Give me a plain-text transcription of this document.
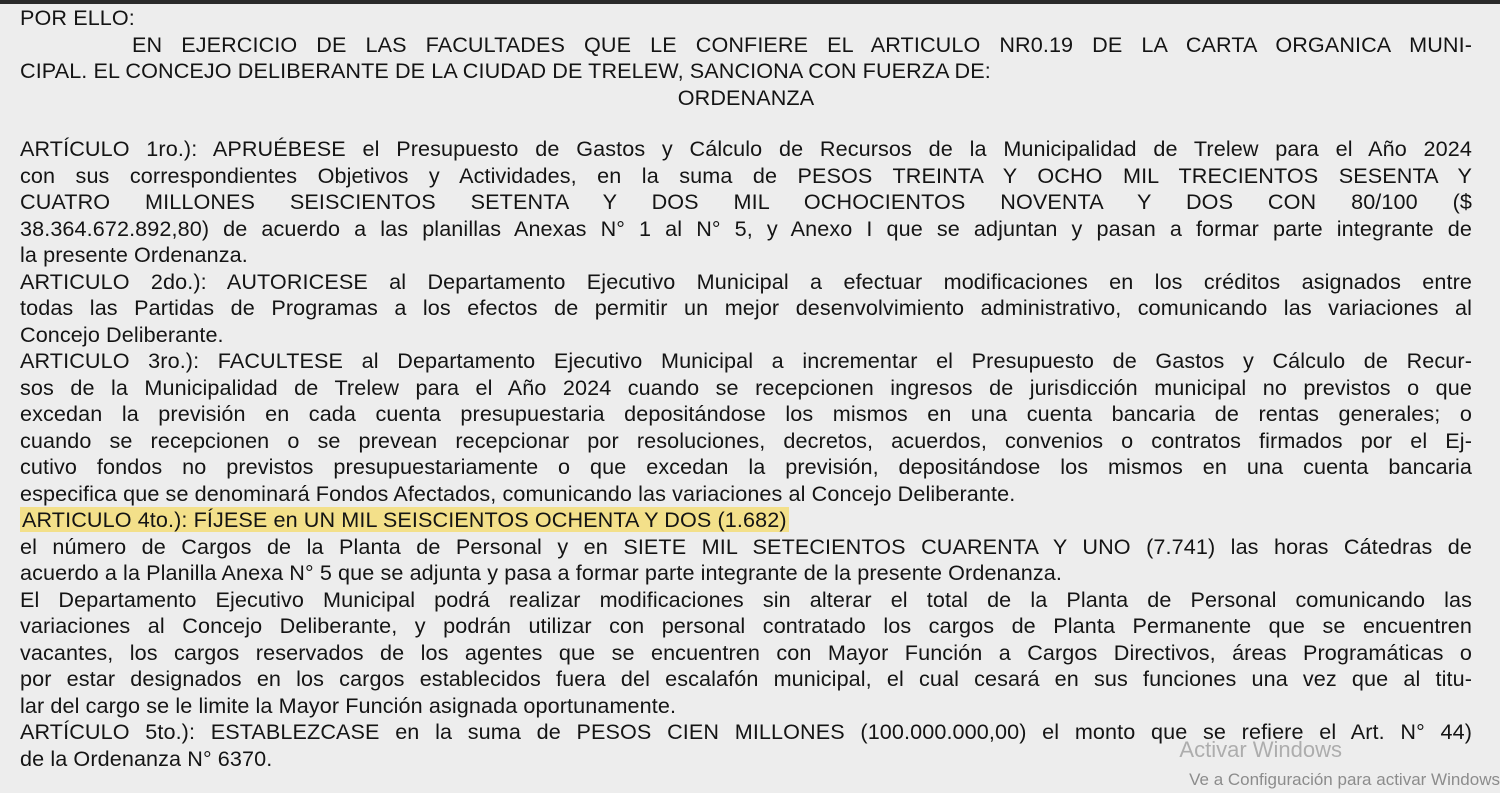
POR ELLO:
EN EJERCICIO DE LAS FACULTADES QUE LE CONFIERE EL ARTICULO NR0.19 DE LA CARTA ORGANICA MUNI-
CIPAL. EL CONCEJO DELIBERANTE DE LA CIUDAD DE TRELEW, SANCIONA CON FUERZA DE:
ORDENANZA
ARTÍCULO 1ro.): APRUÉBESE el Presupuesto de Gastos y Cálculo de Recursos de la Municipalidad de Trelew para el Año 2024
con sus correspondientes Objetivos y Actividades, en la suma de PESOS TREINTA Y OCHO MIL TRECIENTOS SESENTA Y
CUATRO MILLONES SEISCIENTOS SETENTA Y DOS MIL OCHOCIENTOS NOVENTA Y DOS CON 80/100 ($
38.364.672.892,80) de acuerdo a las planillas Anexas N° 1 al N° 5, y Anexo I que se adjuntan y pasan a formar parte integrante de
la presente Ordenanza.
ARTICULO 2do.): AUTORICESE al Departamento Ejecutivo Municipal a efectuar modificaciones en los créditos asignados entre
todas las Partidas de Programas a los efectos de permitir un mejor desenvolvimiento administrativo, comunicando las variaciones al
Concejo Deliberante.
ARTICULO 3ro.): FACULTESE al Departamento Ejecutivo Municipal a incrementar el Presupuesto de Gastos y Cálculo de Recur-
sos de la Municipalidad de Trelew para el Año 2024 cuando se recepcionen ingresos de jurisdicción municipal no previstos o que
excedan la previsión en cada cuenta presupuestaria depositándose los mismos en una cuenta bancaria de rentas generales; o
cuando se recepcionen o se prevean recepcionar por resoluciones, decretos, acuerdos, convenios o contratos firmados por el Ej-
cutivo fondos no previstos presupuestariamente o que excedan la previsión, depositándose los mismos en una cuenta bancaria
especifica que se denominará Fondos Afectados, comunicando las variaciones al Concejo Deliberante.
ARTICULO 4to.): FÍJESE en UN MIL SEISCIENTOS OCHENTA Y DOS (1.682)
el número de Cargos de la Planta de Personal y en SIETE MIL SETECIENTOS CUARENTA Y UNO (7.741) las horas Cátedras de
acuerdo a la Planilla Anexa N° 5 que se adjunta y pasa a formar parte integrante de la presente Ordenanza.
El Departamento Ejecutivo Municipal podrá realizar modificaciones sin alterar el total de la Planta de Personal comunicando las
variaciones al Concejo Deliberante, y podrán utilizar con personal contratado los cargos de Planta Permanente que se encuentren
vacantes, los cargos reservados de los agentes que se encuentren con Mayor Función a Cargos Directivos, áreas Programáticas o
por estar designados en los cargos establecidos fuera del escalafón municipal, el cual cesará en sus funciones una vez que al titu-
lar del cargo se le limite la Mayor Función asignada oportunamente.
ARTÍCULO 5to.): ESTABLEZCASE en la suma de PESOS CIEN MILLONES (100.000.000,00) el monto que se refiere el Art. N° 44)
de la Ordenanza N° 6370.	Activar Windows
Ve a Configuración para activar Windows
